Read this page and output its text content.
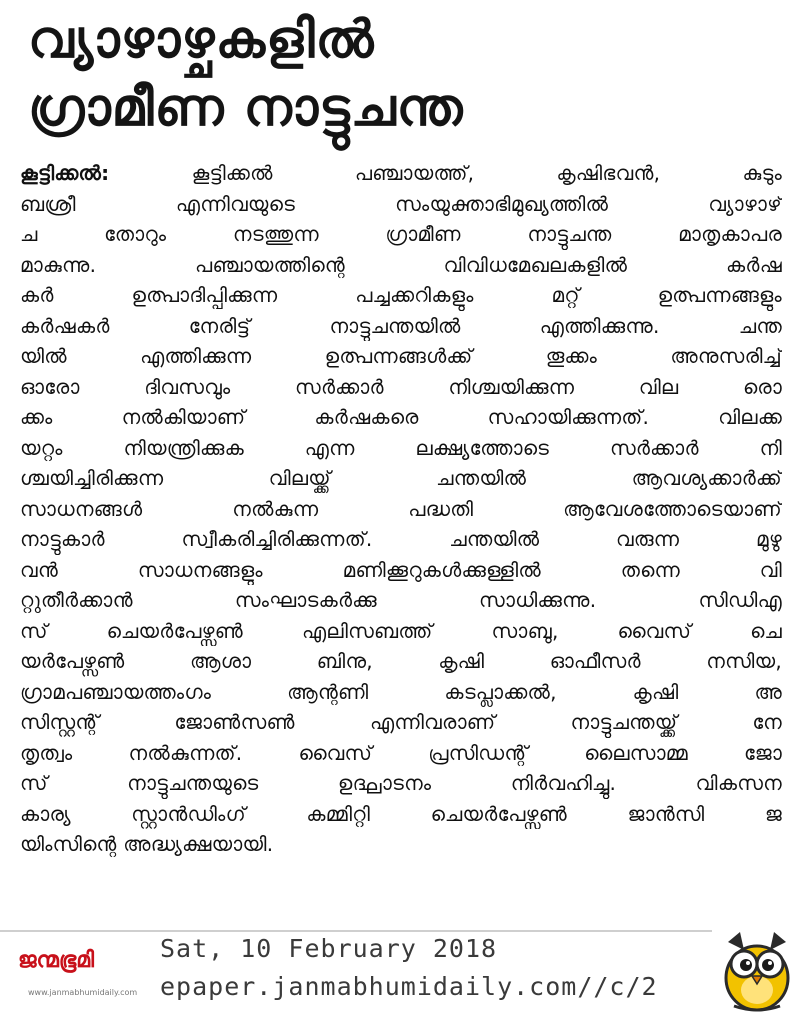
വ്യാഴാഴ്ചകളിൽ
ഗ്രാമീണ നാട്ടുചന്ത
കൂട്ടിക്കൽ: കൂട്ടിക്കൽ പഞ്ചായത്ത്, കൃഷിഭവൻ, കുടും
ബശ്രീ എന്നിവയുടെ സംയുക്താഭിമുഖ്യത്തിൽ വ്യാഴാഴ്
ച തോറും നടത്തുന്ന ഗ്രാമീണ നാട്ടുചന്ത മാതൃകാപര
മാകുന്നു. പഞ്ചായത്തിന്റെ വിവിധമേഖലകളിൽ കർഷ
കർ ഉത്പാദിപ്പിക്കുന്ന പച്ചക്കറികളും മറ്റ് ഉത്പന്നങ്ങളും
കർഷകർ നേരിട്ട് നാട്ടുചന്തയിൽ എത്തിക്കുന്നു. ചന്ത
യിൽ എത്തിക്കുന്ന ഉത്പന്നങ്ങൾക്ക് തൂക്കം അനുസരിച്ച്
ഓരോ ദിവസവും സർക്കാർ നിശ്ചയിക്കുന്ന വില രൊ
ക്കം നൽകിയാണ് കർഷകരെ സഹായിക്കുന്നത്. വിലക്ക
യറ്റം നിയന്ത്രിക്കുക എന്ന ലക്ഷ്യത്തോടെ സർക്കാർ നി
ശ്ചയിച്ചിരിക്കുന്ന വിലയ്ക്ക് ചന്തയിൽ ആവശ്യക്കാർക്ക്
സാധനങ്ങൾ നൽകുന്ന പദ്ധതി ആവേശത്തോടെയാണ്
നാട്ടുകാർ സ്വീകരിച്ചിരിക്കുന്നത്. ചന്തയിൽ വരുന്ന മുഴു
വൻ സാധനങ്ങളും മണിക്കൂറുകൾക്കുള്ളിൽ തന്നെ വി
റ്റുതീർക്കാൻ സംഘാടകർക്കു സാധിക്കുന്നു. സിഡിഎ
സ് ചെയർപേഴ്സൺ എലിസബത്ത് സാബു, വൈസ് ചെ
യർപേഴ്സൺ ആശാ ബിനു, കൃഷി ഓഫീസർ നസിയ,
ഗ്രാമപഞ്ചായത്തംഗം ആന്റണി കടപ്ലാക്കൽ, കൃഷി അ
സിസ്റ്റന്റ് ജോൺസൺ എന്നിവരാണ് നാട്ടുചന്തയ്ക്ക് നേ
തൃത്വം നൽകുന്നത്. വൈസ് പ്രസിഡന്റ് ലൈസാമ്മ ജോ
സ് നാട്ടുചന്തയുടെ ഉദ്ഘാടനം നിർവഹിച്ചു. വികസന
കാര്യ സ്റ്റാൻഡിംഗ് കമ്മിറ്റി ചെയർപേഴ്സൺ ജാൻസി ജ
യിംസിന്റെ അദ്ധ്യക്ഷയായി.
ജന്മഭൂമി
www.janmabhumidaily.com
Sat, 10 February 2018
epaper.janmabhumidaily.com//c/2
